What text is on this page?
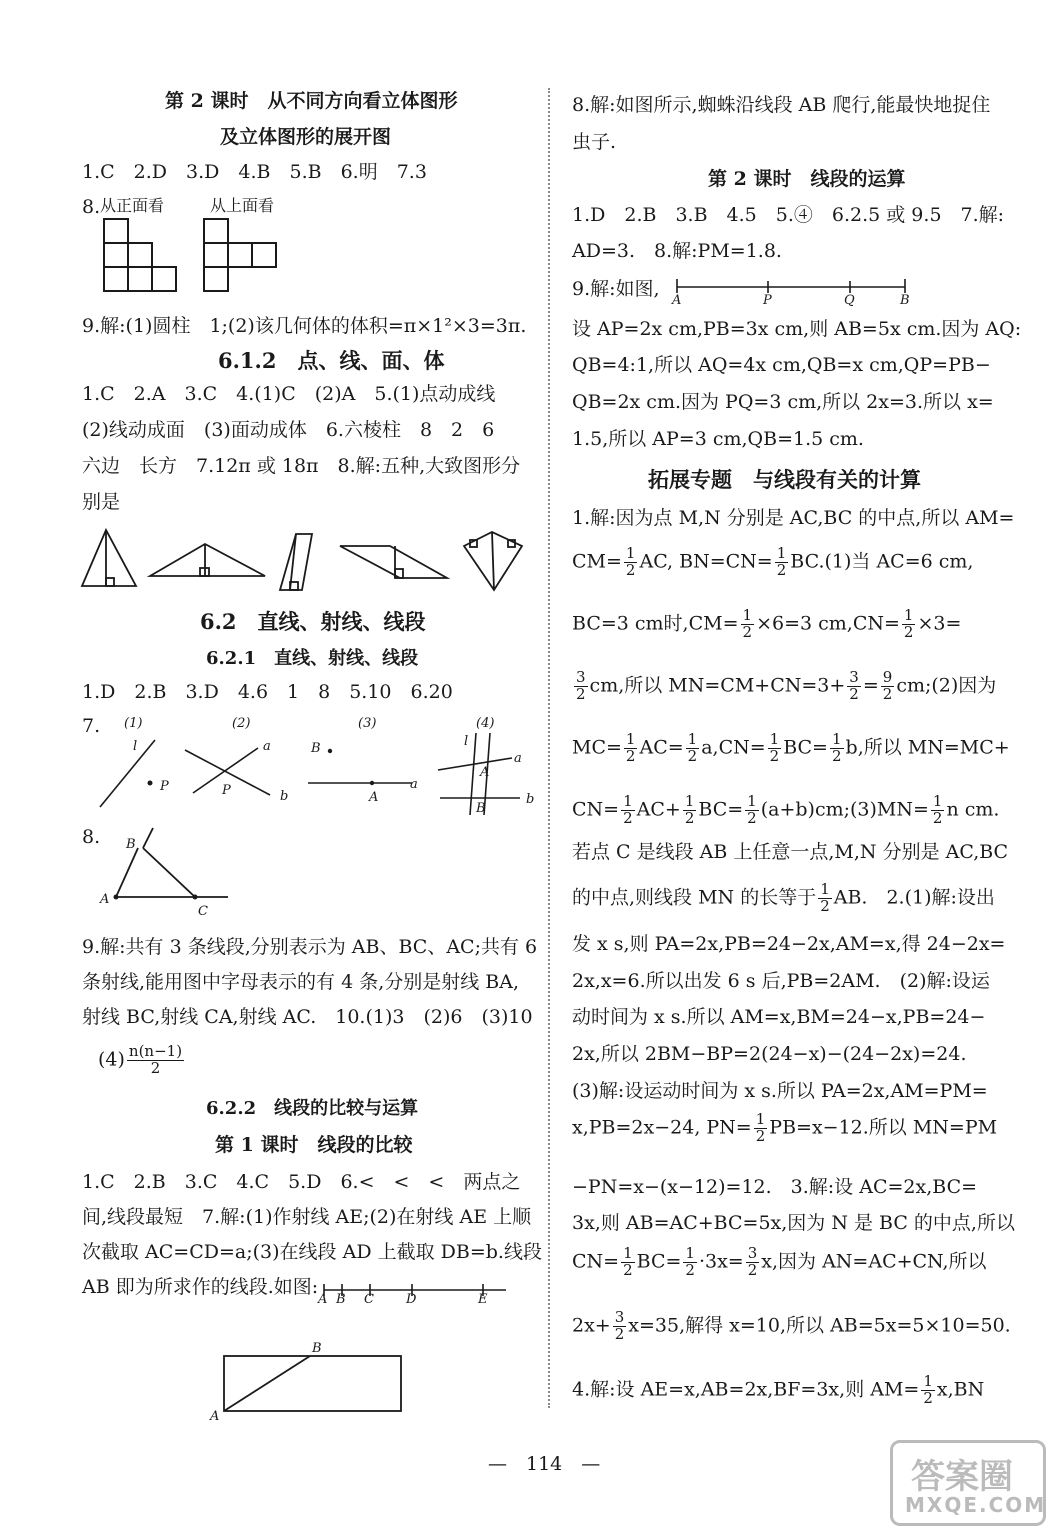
第 2 课时　从不同方向看立体图形
及立体图形的展开图
1.C　2.D　3.D　4.B　5.B　6.明　7.3
8. 从正面看	从上面看
(1)
l
P
(2)
a
b
P
(3)
B
A
a
(4)
l
A
B
a
b
B
A
C
A B C D	E
B
A
A	P	Q	B
9.解:(1)圆柱　1;(2)该几何体的体积=π×1²×3=3π.
6.1.2　点、线、面、体
1.C　2.A　3.C　4.(1)C　(2)A　5.(1)点动成线
(2)线动成面　(3)面动成体　6.六棱柱　8　2　6
六边　长方　7.12π 或 18π　8.解:五种,大致图形分
别是
6.2　直线、射线、线段
6.2.1　直线、射线、线段
1.D　2.B　3.D　4.6　1　8　5.10　6.20
7.
8.
9.解:共有 3 条线段,分别表示为 AB、BC、AC;共有 6
条射线,能用图中字母表示的有 4 条,分别是射线 BA,
射线 BC,射线 CA,射线 AC.　10.(1)3　(2)6　(3)10
$(4) \frac{n(n-1)}{2}$
6.2.2　线段的比较与运算
第 1 课时　线段的比较
1.C　2.B　3.C　4.C　5.D　6.<　<　<　两点之
间,线段最短　7.解:(1)作射线 AE;(2)在射线 AE 上顺
次截取 AC=CD=a;(3)在线段 AD 上截取 DB=b.线段
AB 即为所求作的线段.如图:
8.解:如图所示,蜘蛛沿线段 AB 爬行,能最快地捉住
虫子.
第 2 课时　线段的运算
1.D　2.B　3.B　4.5　5.④　6.2.5 或 9.5　7.解:
AD=3.　8.解:PM=1.8.
9.解:如图,
设 AP=2x cm,PB=3x cm,则 AB=5x cm.因为 AQ:
QB=4:1,所以 AQ=4x cm,QB=x cm,QP=PB−
QB=2x cm.因为 PQ=3 cm,所以 2x=3.所以 x=
1.5,所以 AP=3 cm,QB=1.5 cm.
拓展专题　与线段有关的计算
1.解:因为点 M,N 分别是 AC,BC 的中点,所以 AM=
$CM= \frac{1}{2}$ AC, $BN=CN= \frac{1}{2} BC.(1)$当 AC=6 cm,
BC=3 cm时$,CM= \frac{1}{2} \times 6=3$ $cm,CN= \frac{1}{2} \times 3=$
$\frac{3}{2}$ cm,所以 $MN=CM+CN=3+ \frac{3}{2} = \frac{9}{2}$ cm;(2)因为
$MC= \frac{1}{2} AC= \frac{1}{2} a,CN= \frac{1}{2} BC= \frac{1}{2} b$,所以 MN=MC+
$CN= \frac{1}{2} AC+ \frac{1}{2} BC= \frac{1}{2}$ (a+b)cm;(3)MN= $\frac{1}{2}$ n cm.
若点 C 是线段 AB 上任意一点,M,N 分别是 AC,BC
的中点,则线段 MN 的长等于 $\frac{1}{2}$ AB.　2.(1)解:设出
发 x s,则 PA=2x,PB=24−2x,AM=x,得 24−2x=
2x,x=6.所以出发 6 s 后,PB=2AM.　(2)解:设运
动时间为 x s.所以 AM=x,BM=24−x,PB=24−
2x,所以 2BM−BP=2(24−x)−(24−2x)=24.
(3)解:设运动时间为 x s.所以 PA=2x,AM=PM=
x,PB=2x−24, $PN= \frac{1}{2} PB=x-12$.所以 MN=PM
−PN=x−(x−12)=12.　3.解:设 AC=2x,BC=
3x,则 AB=AC+BC=5x,因为 N 是 BC 的中点,所以
$CN= \frac{1}{2} BC= \frac{1}{2} \cdot 3x= \frac{3}{2} x$,因为 AN=AC+CN,所以
$2x+ \frac{3}{2} x=35$,解得 x=10,所以 AB=5x=5×10=50.
4.解:设 AE=x,AB=2x,BF=3x,则 $AM= \frac{1}{2} x,BN$
—　114　—	答案圈
MXQE.COM
